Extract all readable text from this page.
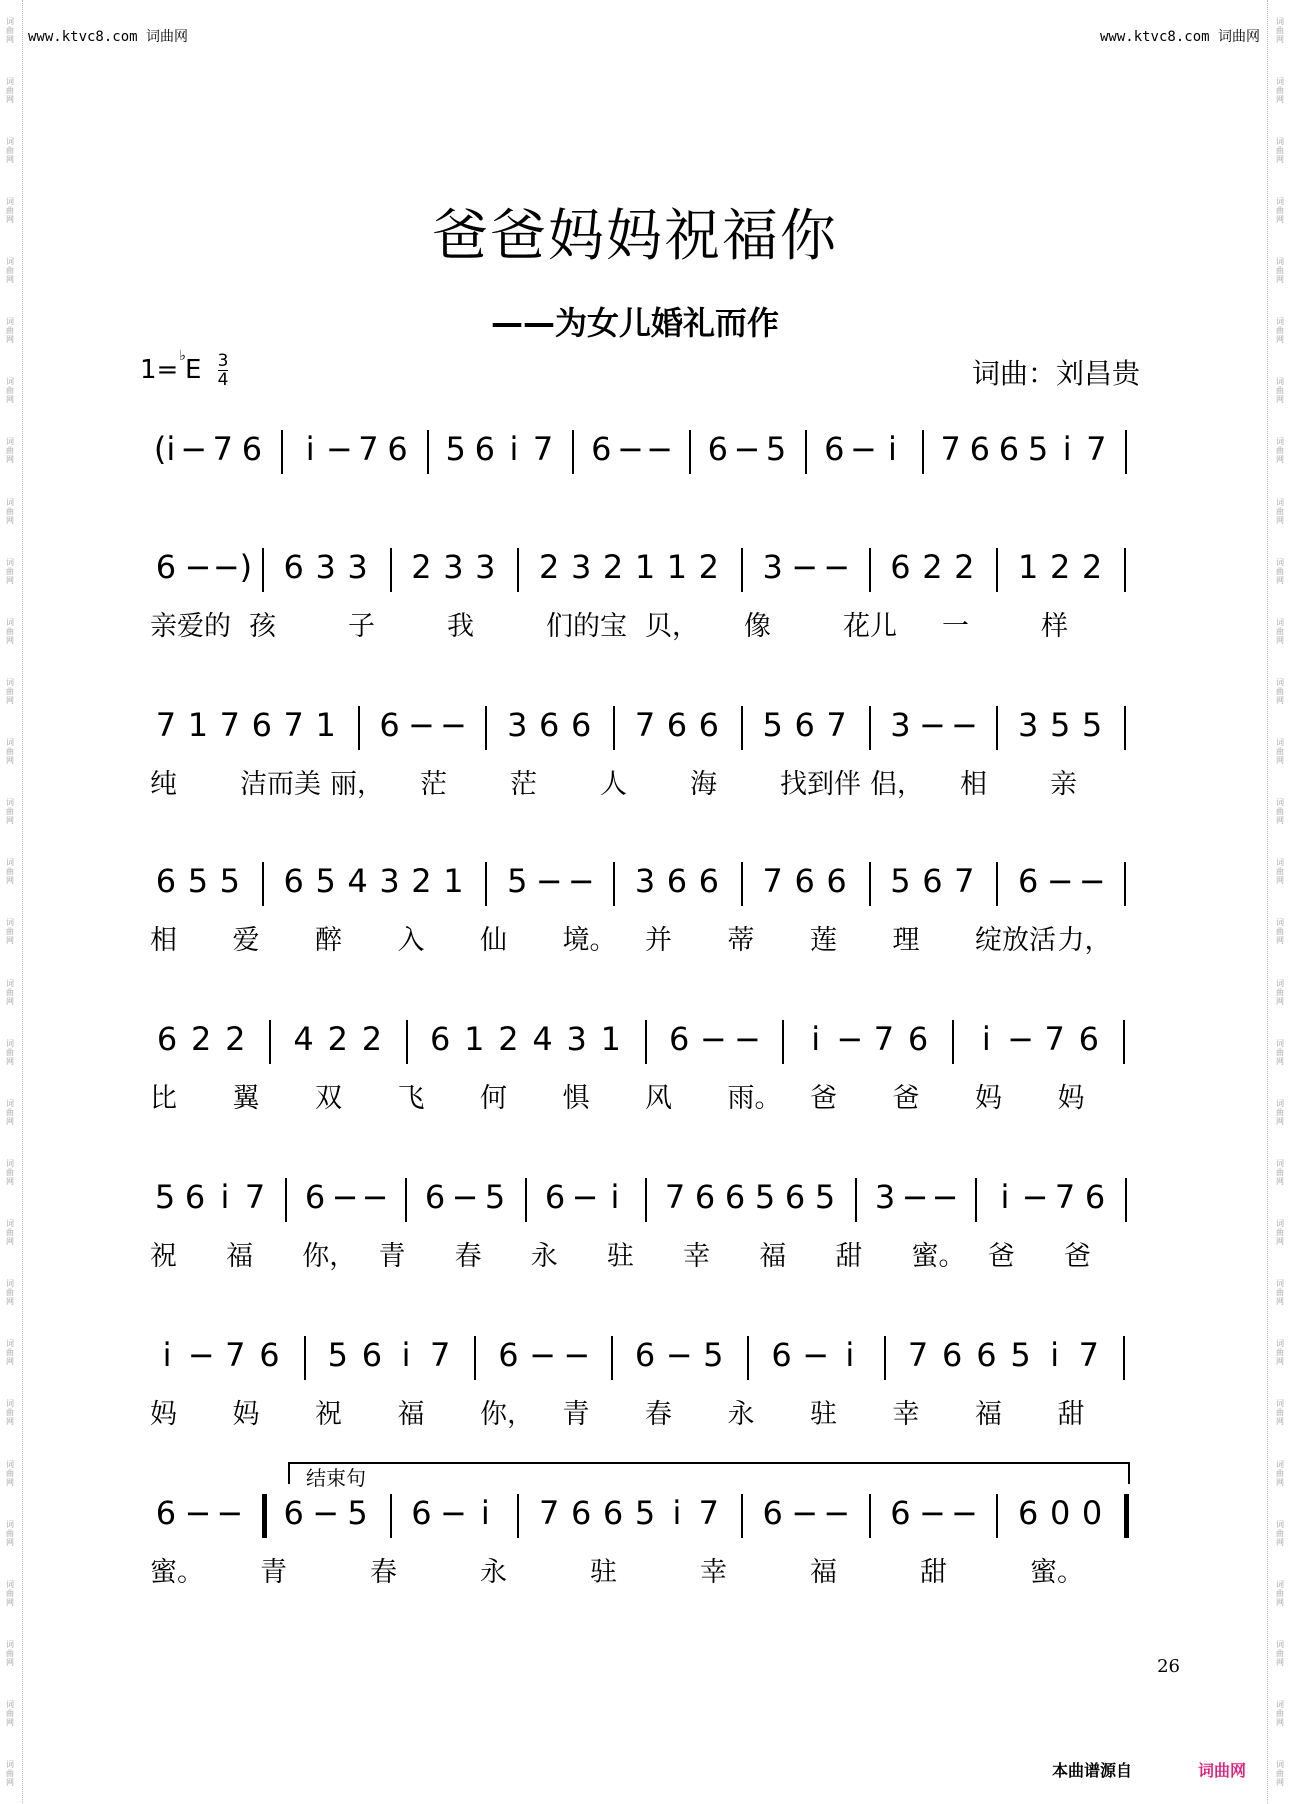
词曲网
词曲网
词曲网
词曲网
词曲网
词曲网
词曲网
词曲网
词曲网
词曲网
词曲网
词曲网
词曲网
词曲网
词曲网
词曲网
词曲网
词曲网
词曲网
词曲网
词曲网
词曲网
词曲网
词曲网
词曲网
词曲网
词曲网
词曲网
词曲网
词曲网
词曲网
词曲网
词曲网
词曲网
词曲网
词曲网
词曲网
词曲网
词曲网
词曲网
词曲网
词曲网
词曲网
词曲网
词曲网
词曲网
词曲网
词曲网
词曲网
词曲网
词曲网
词曲网
词曲网
词曲网
词曲网
词曲网
词曲网
词曲网
词曲网
词曲网
www.ktvc8.com 词曲网	www.ktvc8.com 词曲网
爸爸妈妈祝福你
——为女儿婚礼而作
$1=^♭E \frac{3}{4}$	词曲：刘昌贵
(i̇ − 7 6	i̇ − 7 6 5 6 i̇ 7 6 − − 6 − 5 6 − i̇	7 6 6 5 i̇ 7
6 − −) 6 3 3 2 3 3 2 3 2 1 1 2 3 − − 6 2 2 1 2 2
亲爱的 孩	子	我	们的宝 贝， 像	花儿 一	样
7 1 7 6 7 1 6 − − 3 6 6 7 6 6 5 6 7 3 − − 3 5 5
纯 洁而美 丽， 茫 茫 人 海 找到伴 侣， 相 亲
6 5 5 6 5 4 3 2 1 5 − − 3 6 6 7 6 6 5 6 7 6 − −
相 爱 醉 入 仙 境。 并 蒂 莲 理 绽放活 力，
6 2 2 4 2 2 6 1 2 4 3 1 6 − −	i̇ − 7 6	i̇ − 7 6
比 翼 双 飞 何 惧 风 雨。 爸 爸 妈 妈
5 6 i̇ 7 6 − − 6 − 5 6 − i̇	7 6 6 5 6 5 3 − −	i̇ − 7 6
祝 福 你， 青 春 永 驻 幸 福 甜 蜜。 爸 爸
i̇ − 7 6 5 6 i̇ 7 6 − − 6 − 5 6 − i̇	7 6 6 5 i̇ 7
妈 妈 祝 福 你， 青 春 永 驻 幸 福 甜
6 − − 6 − 5 6 − i̇	7 6 6 5 i̇ 7 6 − − 6 − − 6 0 0
蜜。 青	春	永	驻	幸	福	甜	蜜。
结束句
26
本曲谱源自	词曲网
